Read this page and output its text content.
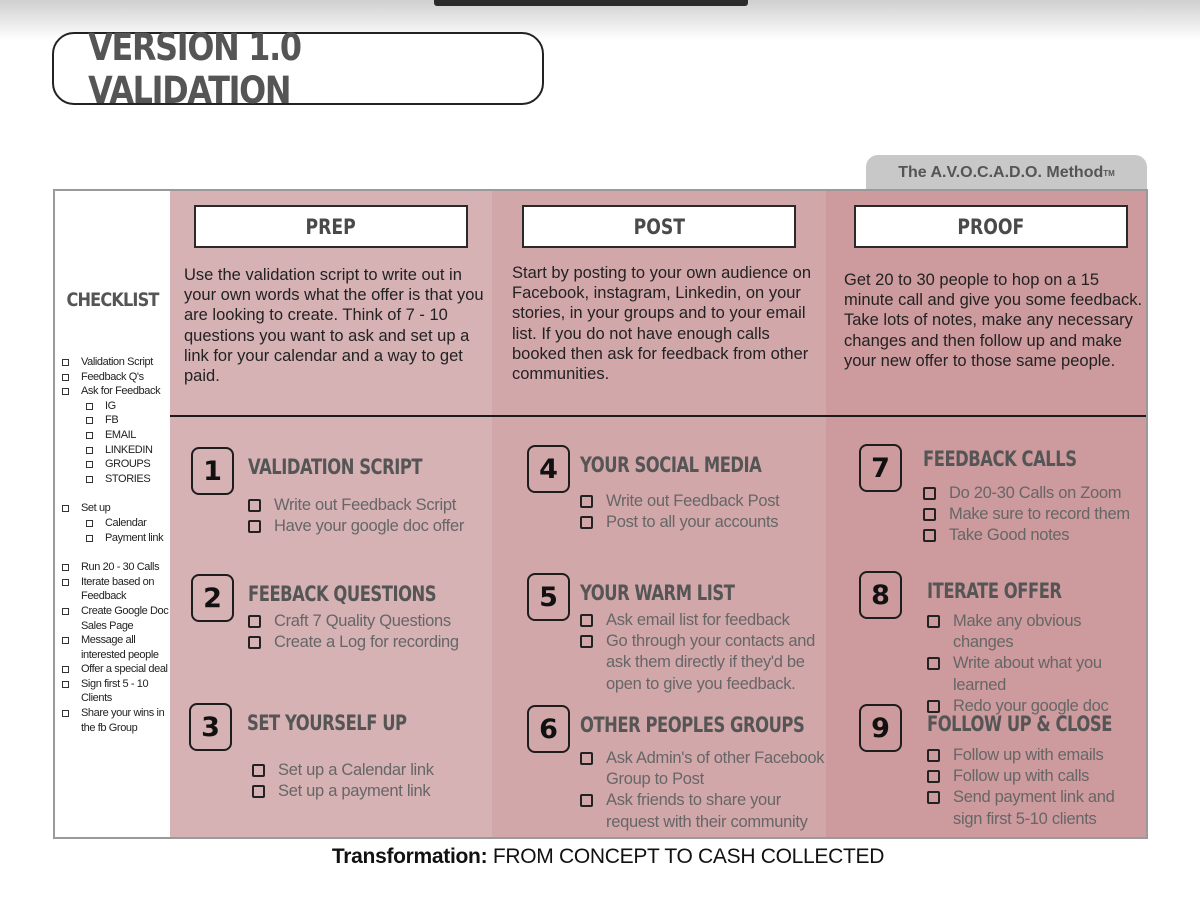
VERSION 1.0 VALIDATION
The A.V.O.C.A.D.O. Method TM
CHECKLIST
Validation Script
Feedback Q's
Ask for Feedback
IG
FB
EMAIL
LINKEDIN
GROUPS
STORIES
Set up
Calendar
Payment link
Run 20 - 30 Calls
Iterate based on Feedback
Create Google Doc Sales Page
Message all interested people
Offer a special deal
Sign first 5 - 10 Clients
Share your wins in the fb Group
PREP
Use the validation script to write out in your own words what the offer is that you are looking to create. Think of 7 - 10 questions you want to ask and set up a link for your calendar and a way to get paid.
1	VALIDATION SCRIPT
Write out Feedback Script
Have your google doc offer
2	FEEBACK QUESTIONS
Craft 7 Quality Questions
Create a Log for recording
3	SET YOURSELF UP
Set up a Calendar link
Set up a payment link
POST
Start by posting to your own audience on Facebook, instagram, Linkedin, on your stories, in your groups and to your email list. If you do not have enough calls booked then ask for feedback from other communities.
4	YOUR SOCIAL MEDIA
Write out Feedback Post
Post to all your accounts
5	YOUR WARM LIST
Ask email list for feedback
Go through your contacts and ask them directly if they'd be open to give you feedback.
6	OTHER PEOPLES GROUPS
Ask Admin's of other Facebook Group to Post
Ask friends to share your request with their community
PROOF
Get 20 to 30 people to hop on a 15 minute call and give you some feedback. Take lots of notes, make any necessary changes and then follow up and make your new offer to those same people.
7	FEEDBACK CALLS
Do 20-30 Calls on Zoom
Make sure to record them
Take Good notes
8	ITERATE OFFER
Make any obvious changes
Write about what you learned
Redo your google doc
9	FOLLOW UP & CLOSE
Follow up with emails
Follow up with calls
Send payment link and sign first 5-10 clients
Transformation: FROM CONCEPT TO CASH COLLECTED
